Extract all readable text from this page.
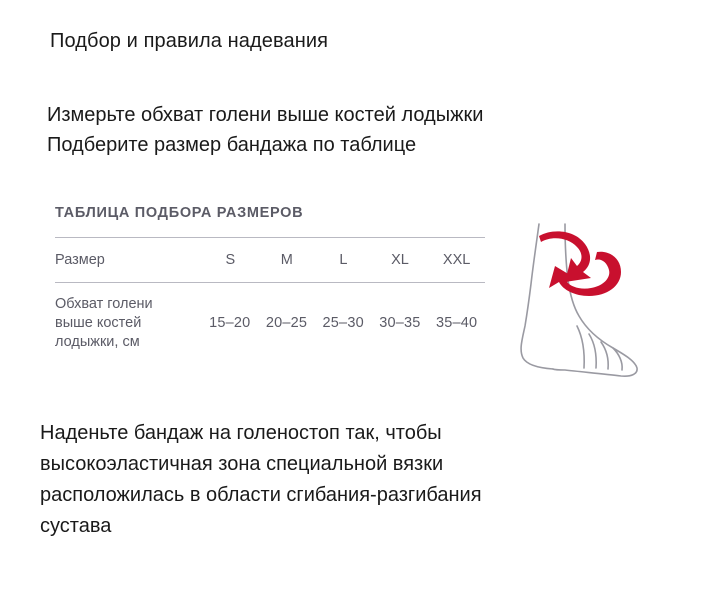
Подбор и правила надевания
Измерьте обхват голени выше костей лодыжки
Подберите размер бандажа по таблице
ТАБЛИЦА ПОДБОРА РАЗМЕРОВ
Размер	S	M	L	XL	XXL
Обхват голени
выше костей
лодыжки, см	15–20	20–25	25–30	30–35	35–40
Наденьте бандаж на голеностоп так, чтобы
высокоэластичная зона специальной вязки
расположилась в области сгибания-разгибания
сустава
